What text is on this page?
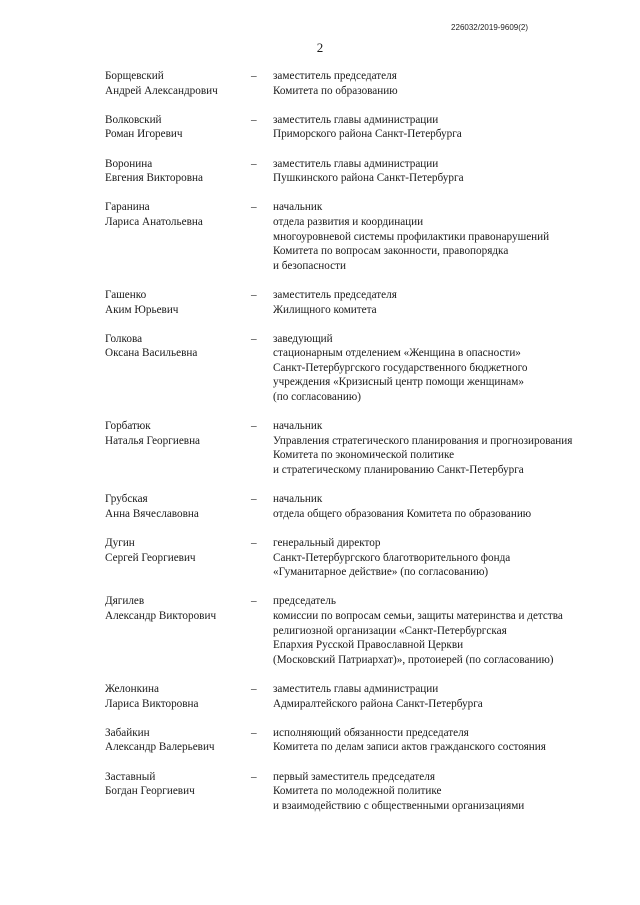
226032/2019-9609(2)
2
Борщевский
Андрей Александрович
–	заместитель председателя
Комитета по образованию
Волковский
Роман Игоревич
–	заместитель главы администрации
Приморского района Санкт-Петербурга
Воронина
Евгения Викторовна
–	заместитель главы администрации
Пушкинского района Санкт-Петербурга
Гаранина
Лариса Анатольевна
–	начальник
отдела развития и координации
многоуровневой системы профилактики правонарушений
Комитета по вопросам законности, правопорядка
и безопасности
Гашенко
Аким Юрьевич
–	заместитель председателя
Жилищного комитета
Голкова
Оксана Васильевна
–	заведующий
стационарным отделением «Женщина в опасности»
Санкт-Петербургского государственного бюджетного
учреждения «Кризисный центр помощи женщинам»
(по согласованию)
Горбатюк
Наталья Георгиевна
–	начальник
Управления стратегического планирования и прогнозирования
Комитета по экономической политике
и стратегическому планированию Санкт-Петербурга
Грубская
Анна Вячеславовна
–	начальник
отдела общего образования Комитета по образованию
Дугин
Сергей Георгиевич
–	генеральный директор
Санкт-Петербургского благотворительного фонда
«Гуманитарное действие» (по согласованию)
Дягилев
Александр Викторович
–	председатель
комиссии по вопросам семьи, защиты материнства и детства
религиозной организации «Санкт-Петербургская
Епархия Русской Православной Церкви
(Московский Патриархат)», протоиерей (по согласованию)
Желонкина
Лариса Викторовна
–	заместитель главы администрации
Адмиралтейского района Санкт-Петербурга
Забайкин
Александр Валерьевич
–	исполняющий обязанности председателя
Комитета по делам записи актов гражданского состояния
Заставный
Богдан Георгиевич
–	первый заместитель председателя
Комитета по молодежной политике
и взаимодействию с общественными организациями
